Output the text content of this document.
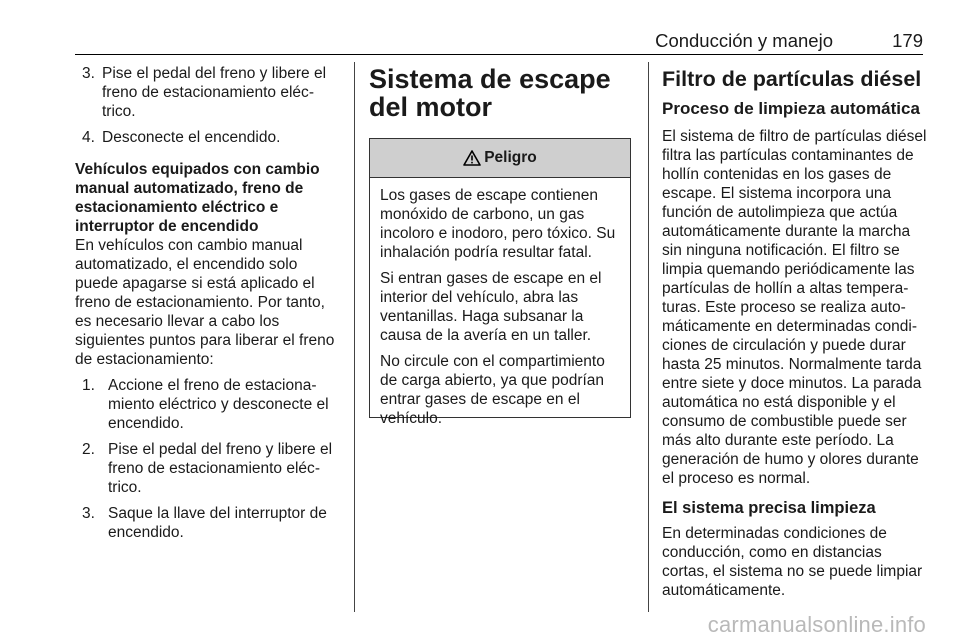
Conducción y manejo	179
3. Pise el pedal del freno y libere el freno de estacionamiento eléctrico.
4. Desconecte el encendido.
Vehículos equipados con cambio manual automatizado, freno de estacionamiento eléctrico e interruptor de encendido

En vehículos con cambio manual automatizado, el encendido solo puede apagarse si está aplicado el freno de estacionamiento. Por tanto, es necesario llevar a cabo los siguientes puntos para liberar el freno de estacionamiento:

1. Accione el freno de estacionamiento eléctrico y desconecte el encendido.
2. Pise el pedal del freno y libere el freno de estacionamiento eléctrico.
3. Saque la llave del interruptor de encendido.
Sistema de escape del motor
Peligro

Los gases de escape contienen monóxido de carbono, un gas incoloro e inodoro, pero tóxico. Su inhalación podría resultar fatal.

Si entran gases de escape en el interior del vehículo, abra las ventanillas. Haga subsanar la causa de la avería en un taller.

No circule con el compartimiento de carga abierto, ya que podrían entrar gases de escape en el vehículo.

Filtro de partículas diésel
Proceso de limpieza automática

El sistema de filtro de partículas diésel filtra las partículas contaminantes de hollín contenidas en los gases de escape. El sistema incorpora una función de autolimpieza que actúa automáticamente durante la marcha sin ninguna notificación. El filtro se limpia quemando periódicamente las partículas de hollín a altas temperaturas. Este proceso se realiza automáticamente en determinadas condiciones de circulación y puede durar hasta 25 minutos. Normalmente tarda entre siete y doce minutos. La parada automática no está disponible y el consumo de combustible puede ser más alto durante este período. La generación de humo y olores durante el proceso es normal.

El sistema precisa limpieza

En determinadas condiciones de conducción, como en distancias cortas, el sistema no se puede limpiar automáticamente.

carmanualsonline.info
